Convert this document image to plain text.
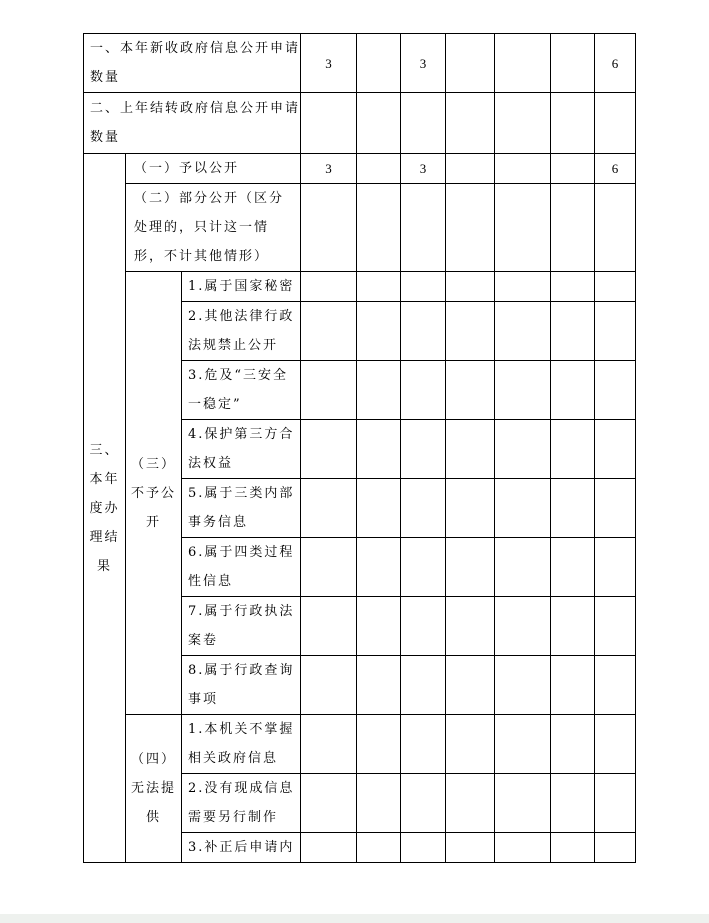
一、本年新收政府信息公开申请数量			3		3				6
二、上年结转政府信息公开申请数量									

三、
本年度办理结果	（一）予以公开		3		3				6
	（二）部分公开（区分处理的，只计这一情形，不计其他情形）								
	（三）不予公开	1.属于国家秘密							
		2.其他法律行政法规禁止公开							
		3.危及“三安全一稳定”							
		4.保护第三方合法权益							
		5.属于三类内部事务信息							
		6.属于四类过程性信息							
		7.属于行政执法案卷							
		8.属于行政查询事项							
	（四）无法提供	1.本机关不掌握相关政府信息							
		2.没有现成信息需要另行制作							
		3.补正后申请内							
